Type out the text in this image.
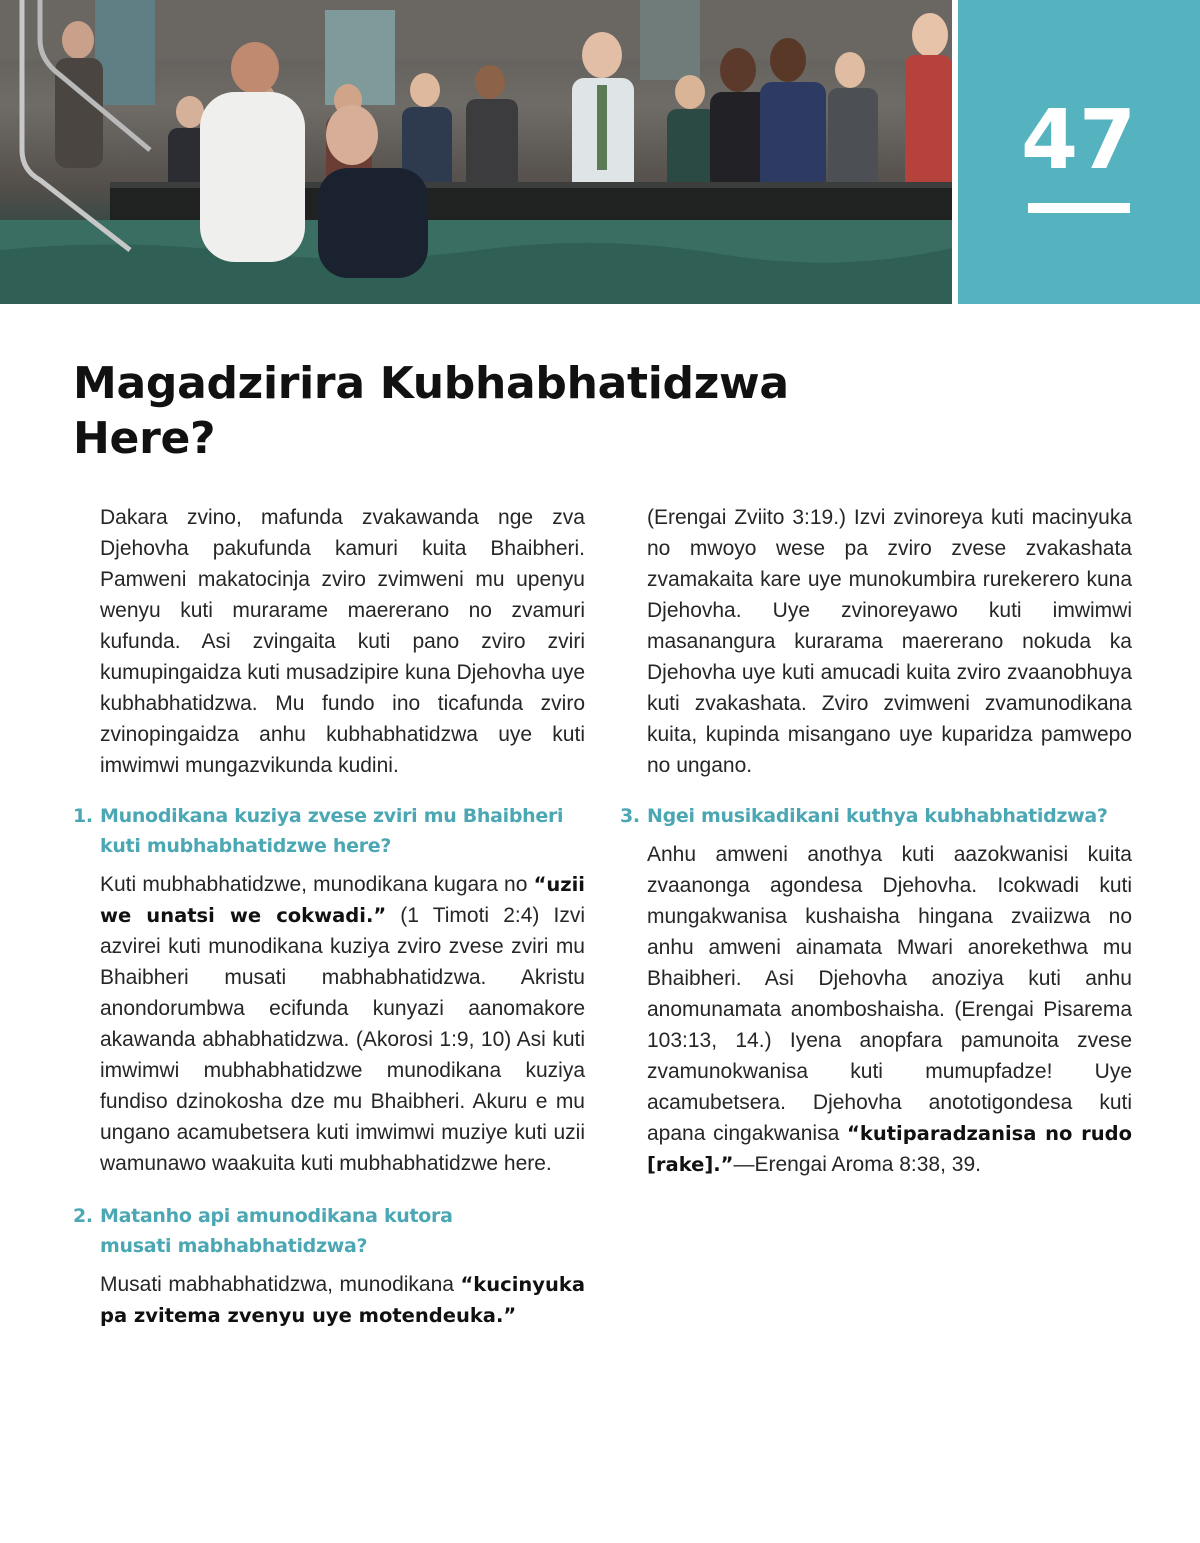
47
Magadzirira Kubhabhatidzwa
Here?

Dakara zvino, mafunda zvakawanda nge zva Djehovha pakufunda kamuri kuita Bhaibheri. Pamweni makatocinja zviro zvimweni mu upenyu wenyu kuti murarame maererano no zvamuri kufunda. Asi zvingaita kuti pano zviro zviri kumupingaidza kuti musadzipire kuna Djehovha uye kubhabhatidzwa. Mu fundo ino ticafunda zviro zvinopingaidza anhu kubhabhatidzwa uye kuti imwimwi mungazvikunda kudini.

1. Munodikana kuziya zvese zviri mu Bhaibheri kuti mubhabhatidzwe here?

Kuti mubhabhatidzwe, munodikana kugara no “uzii we unatsi we cokwadi.” (1 Timoti 2:4) Izvi azvirei kuti munodikana kuziya zviro zvese zviri mu Bhaibheri musati mabhabhatidzwa. Akristu anondorumbwa ecifunda kunyazi aanomakore akawanda abhabhatidzwa. (Akorosi 1:9, 10) Asi kuti imwimwi mubhabhatidzwe munodikana kuziya fundiso dzinokosha dze mu Bhaibheri. Akuru e mu ungano acamubetsera kuti imwimwi muziye kuti uzii wamunawo waakuita kuti mubhabhatidzwe here.

2. Matanho api amunodikana kutora musati mabhabhatidzwa?

Musati mabhabhatidzwa, munodikana “kucinyuka pa zvitema zvenyu uye motendeuka.”

(Erengai Zviito 3:19.) Izvi zvinoreya kuti macinyuka no mwoyo wese pa zviro zvese zvakashata zvamakaita kare uye munokumbira rurekerero kuna Djehovha. Uye zvinoreyawo kuti imwimwi masanangura kurarama maererano nokuda ka Djehovha uye kuti amucadi kuita zviro zvaanobhuya kuti zvakashata. Zviro zvimweni zvamunodikana kuita, kupinda misangano uye kuparidza pamwepo no ungano.

3. Ngei musikadikani kuthya kubhabhatidzwa?

Anhu amweni anothya kuti aazokwanisi kuita zvaanonga agondesa Djehovha. Icokwadi kuti mungakwanisa kushaisha hingana zvaiizwa no anhu amweni ainamata Mwari anorekethwa mu Bhaibheri. Asi Djehovha anoziya kuti anhu anomunamata anomboshaisha. (Erengai Pisarema 103:13, 14.) Iyena anopfara pamunoita zvese zvamunokwanisa kuti mumupfadze! Uye acamubetsera. Djehovha anototigondesa kuti apana cingakwanisa “kutiparadzanisa no rudo [rake].”—Erengai Aroma 8:38, 39.
